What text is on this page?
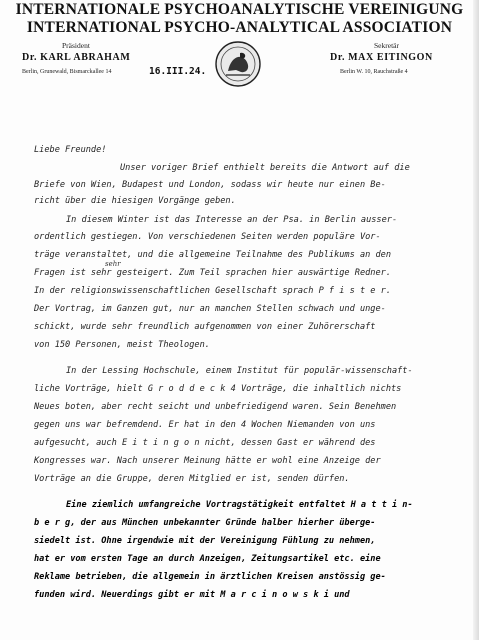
INTERNATIONALE PSYCHOANALYTISCHE VEREINIGUNG
INTERNATIONAL PSYCHO-ANALYTICAL ASSOCIATION
Präsident
Dr. KARL ABRAHAM
Berlin, Grunewald, Bismarckallee 14	16.III.24.
Sekretär
Dr. MAX EITINGON
Berlin W. 10, Rauchstraße 4
Liebe Freunde!
Unser voriger Brief enthielt bereits die Antwort auf die
Briefe von Wien, Budapest und London, sodass wir heute nur einen Be-
richt über die hiesigen Vorgänge geben.
In diesem Winter ist das Interesse an der Psa. in Berlin ausser-
ordentlich gestiegen. Von verschiedenen Seiten werden populäre Vor-
träge veranstaltet, und die allgemeine Teilnahme des Publikums an den
sehr
Fragen ist sehr gesteigert. Zum Teil sprachen hier auswärtige Redner.
In der religionswissenschaftlichen Gesellschaft sprach P f i s t e r.
Der Vortrag, im Ganzen gut, nur an manchen Stellen schwach und unge-
schickt, wurde sehr freundlich aufgenommen von einer Zuhörerschaft
von 150 Personen, meist Theologen.
In der Lessing Hochschule, einem Institut für populär-wissenschaft-
liche Vorträge, hielt G r o d d e c k 4 Vorträge, die inhaltlich nichts
Neues boten, aber recht seicht und unbefriedigend waren. Sein Benehmen
gegen uns war befremdend. Er hat in den 4 Wochen Niemanden von uns
aufgesucht, auch E i t i n g o n nicht, dessen Gast er während des
Kongresses war. Nach unserer Meinung hätte er wohl eine Anzeige der
Vorträge an die Gruppe, deren Mitglied er ist, senden dürfen.
Eine ziemlich umfangreiche Vortragstätigkeit entfaltet H a t t i n-
b e r g, der aus München unbekannter Gründe halber hierher überge-
siedelt ist. Ohne irgendwie mit der Vereinigung Fühlung zu nehmen,
hat er vom ersten Tage an durch Anzeigen, Zeitungsartikel etc. eine
Reklame betrieben, die allgemein in ärztlichen Kreisen anstössig ge-
funden wird. Neuerdings gibt er mit M a r c i n o w s k i und
